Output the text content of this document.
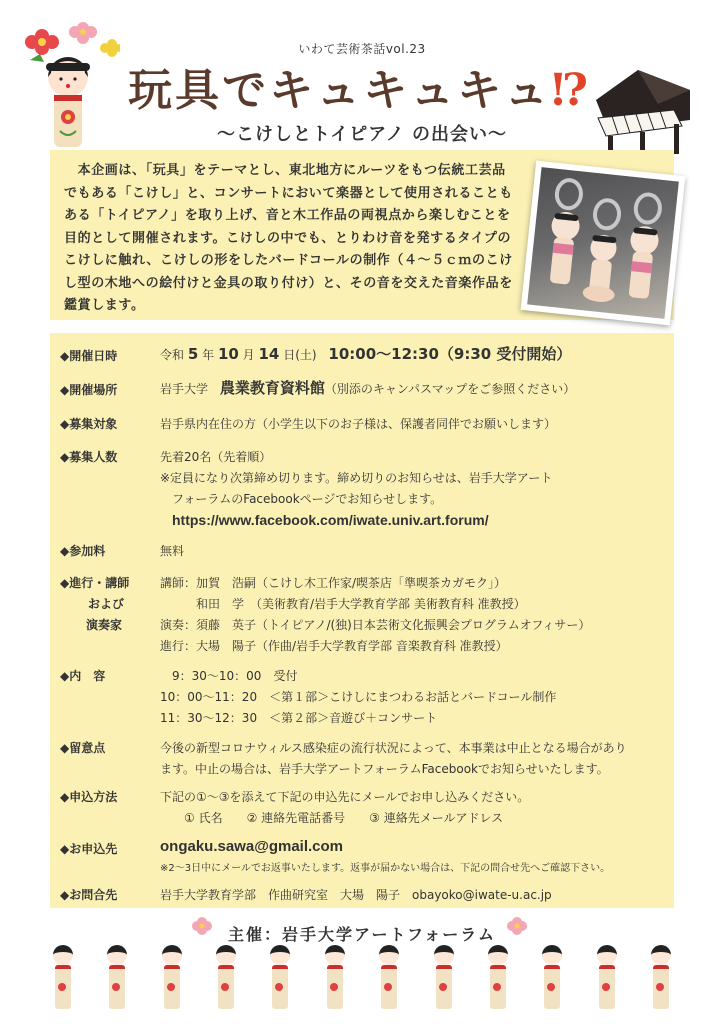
いわて芸術茶話vol.23
玩具でキュキュキュ⁉
〜こけしとトイピアノ の出会い〜
　本企画は、「玩具」をテーマとし、東北地方にルーツをもつ伝統工芸品でもある「こけし」と、コンサートにおいて楽器として使用されることもある「トイピアノ」を取り上げ、音と木工作品の両視点から楽しむことを目的として開催されます。こけしの中でも、とりわけ音を発するタイプのこけしに触れ、こけしの形をしたバードコールの制作（４～５ｃｍのこけし型の木地への絵付けと金具の取り付け）と、その音を交えた音楽作品を鑑賞します。
◆開催日時	令和 5 年 10 月 14 日(土) 10:00〜12:30（9:30 受付開始）
◆開催場所	岩手大学 農業教育資料館（別添のキャンパスマップをご参照ください）
◆募集対象	岩手県内在住の方（小学生以下のお子様は、保護者同伴でお願いします）
◆募集人数	先着20名（先着順）
※定員になり次第締め切ります。締め切りのお知らせは、岩手大学アート
フォーラムのFacebookページでお知らせします。
https://www.facebook.com/iwate.univ.art.forum/
◆参加料	無料
◆進行・講師
および
演奏家
講師：加賀　浩嗣（こけし木工作家/喫茶店「準喫茶カガモク」）
　　　和田　学　（美術教育/岩手大学教育学部 美術教育科 准教授）
演奏：須藤　英子（トイピアノ/(独)日本芸術文化振興会プログラムオフィサー）
進行：大場　陽子（作曲/岩手大学教育学部 音楽教育科 准教授）
◆内　容	　9：30〜10：00　受付
10：00〜11：20　＜第１部＞こけしにまつわるお話とバードコール制作
11：30〜12：30　＜第２部＞音遊び＋コンサート
◆留意点	今後の新型コロナウィルス感染症の流行状況によって、本事業は中止となる場合があり
ます。中止の場合は、岩手大学アートフォーラムFacebookでお知らせいたします。
◆申込方法	下記の①〜③を添えて下記の申込先にメールでお申し込みください。
　① 氏名　　② 連絡先電話番号　　③ 連絡先メールアドレス
◆お申込先	ongaku.sawa@gmail.com
※2〜3日中にメールでお返事いたします。返事が届かない場合は、下記の問合せ先へご確認下さい。
◆お問合先	岩手大学教育学部　作曲研究室　大場　陽子　obayoko@iwate-u.ac.jp
主催：岩手大学アートフォーラム
